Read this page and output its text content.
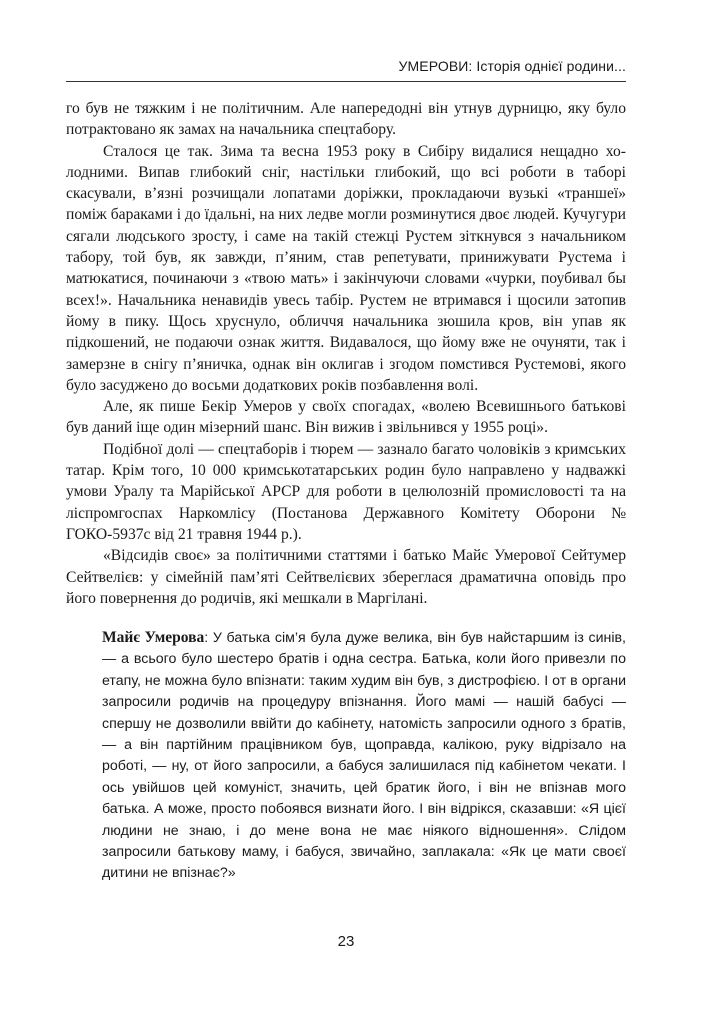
УМЕРОВИ: Історія однієї родини...

го був не тяжким і не політичним. Але напередодні він утнув дурницю, яку було потрактовано як замах на начальника спецтабору.

Сталося це так. Зима та весна 1953 року в Сибіру видалися нещадно холодними. Випав глибокий сніг, настільки глибокий, що всі роботи в таборі скасували, в’язні розчищали лопатами доріжки, прокладаючи вузькі «траншеї» поміж бараками і до їдальні, на них ледве могли розминутися двоє людей. Кучугури сягали людського зросту, і саме на такій стежці Рустем зіткнувся з начальником табору, той був, як завжди, п’яним, став репетувати, принижувати Рустема і матюкатися, починаючи з «твою мать» і закінчуючи словами «чурки, поубивал бы всех!». Начальника ненавидів увесь табір. Рустем не втримався і щосили затопив йому в пику. Щось хруснуло, обличчя начальника зюшила кров, він упав як підкошений, не подаючи ознак життя. Видавалося, що йому вже не очуняти, так і замерзне в снігу п’яничка, однак він оклигав і згодом помстився Рустемові, якого було засуджено до восьми додаткових років позбавлення волі.

Але, як пише Бекір Умеров у своїх спогадах, «волею Всевишнього батькові був даний іще один мізерний шанс. Він вижив і звільнився у 1955 році».

Подібної долі — спецтаборів і тюрем — зазнало багато чоловіків з кримських татар. Крім того, 10 000 кримськотатарських родин було направлено у надважкі умови Уралу та Марійської АРСР для роботи в целюлозній промисловості та на ліспромгоспах Наркомлісу (Постанова Державного Комітету Оборони № ГОКО-5937с від 21 травня 1944 р.).

«Відсидів своє» за політичними статтями і батько Майє Умерової Сейтумер Сейтвелієв: у сімейній пам’яті Сейтвелієвих збереглася драматична оповідь про його повернення до родичів, які мешкали в Маргілані.

Майє Умерова: У батька сім’я була дуже велика, він був найстаршим із синів, — а всього було шестеро братів і одна сестра. Батька, коли його привезли по етапу, не можна було впізнати: таким худим він був, з дистрофією. І от в органи запросили родичів на процедуру впізнання. Його мамі — нашій бабусі — спершу не дозволили ввійти до кабінету, натомість запросили одного з братів, — а він партійним працівником був, щоправда, калікою, руку відрізало на роботі, — ну, от його запросили, а бабуся залишилася під кабінетом чекати. І ось увійшов цей комуніст, значить, цей братик його, і він не впізнав мого батька. А може, просто побоявся визнати його. І він відрікся, сказавши: «Я цієї людини не знаю, і до мене вона не має ніякого відношення». Слідом запросили батькову маму, і бабуся, звичайно, заплакала: «Як це мати своєї дитини не впізнає?»

23
